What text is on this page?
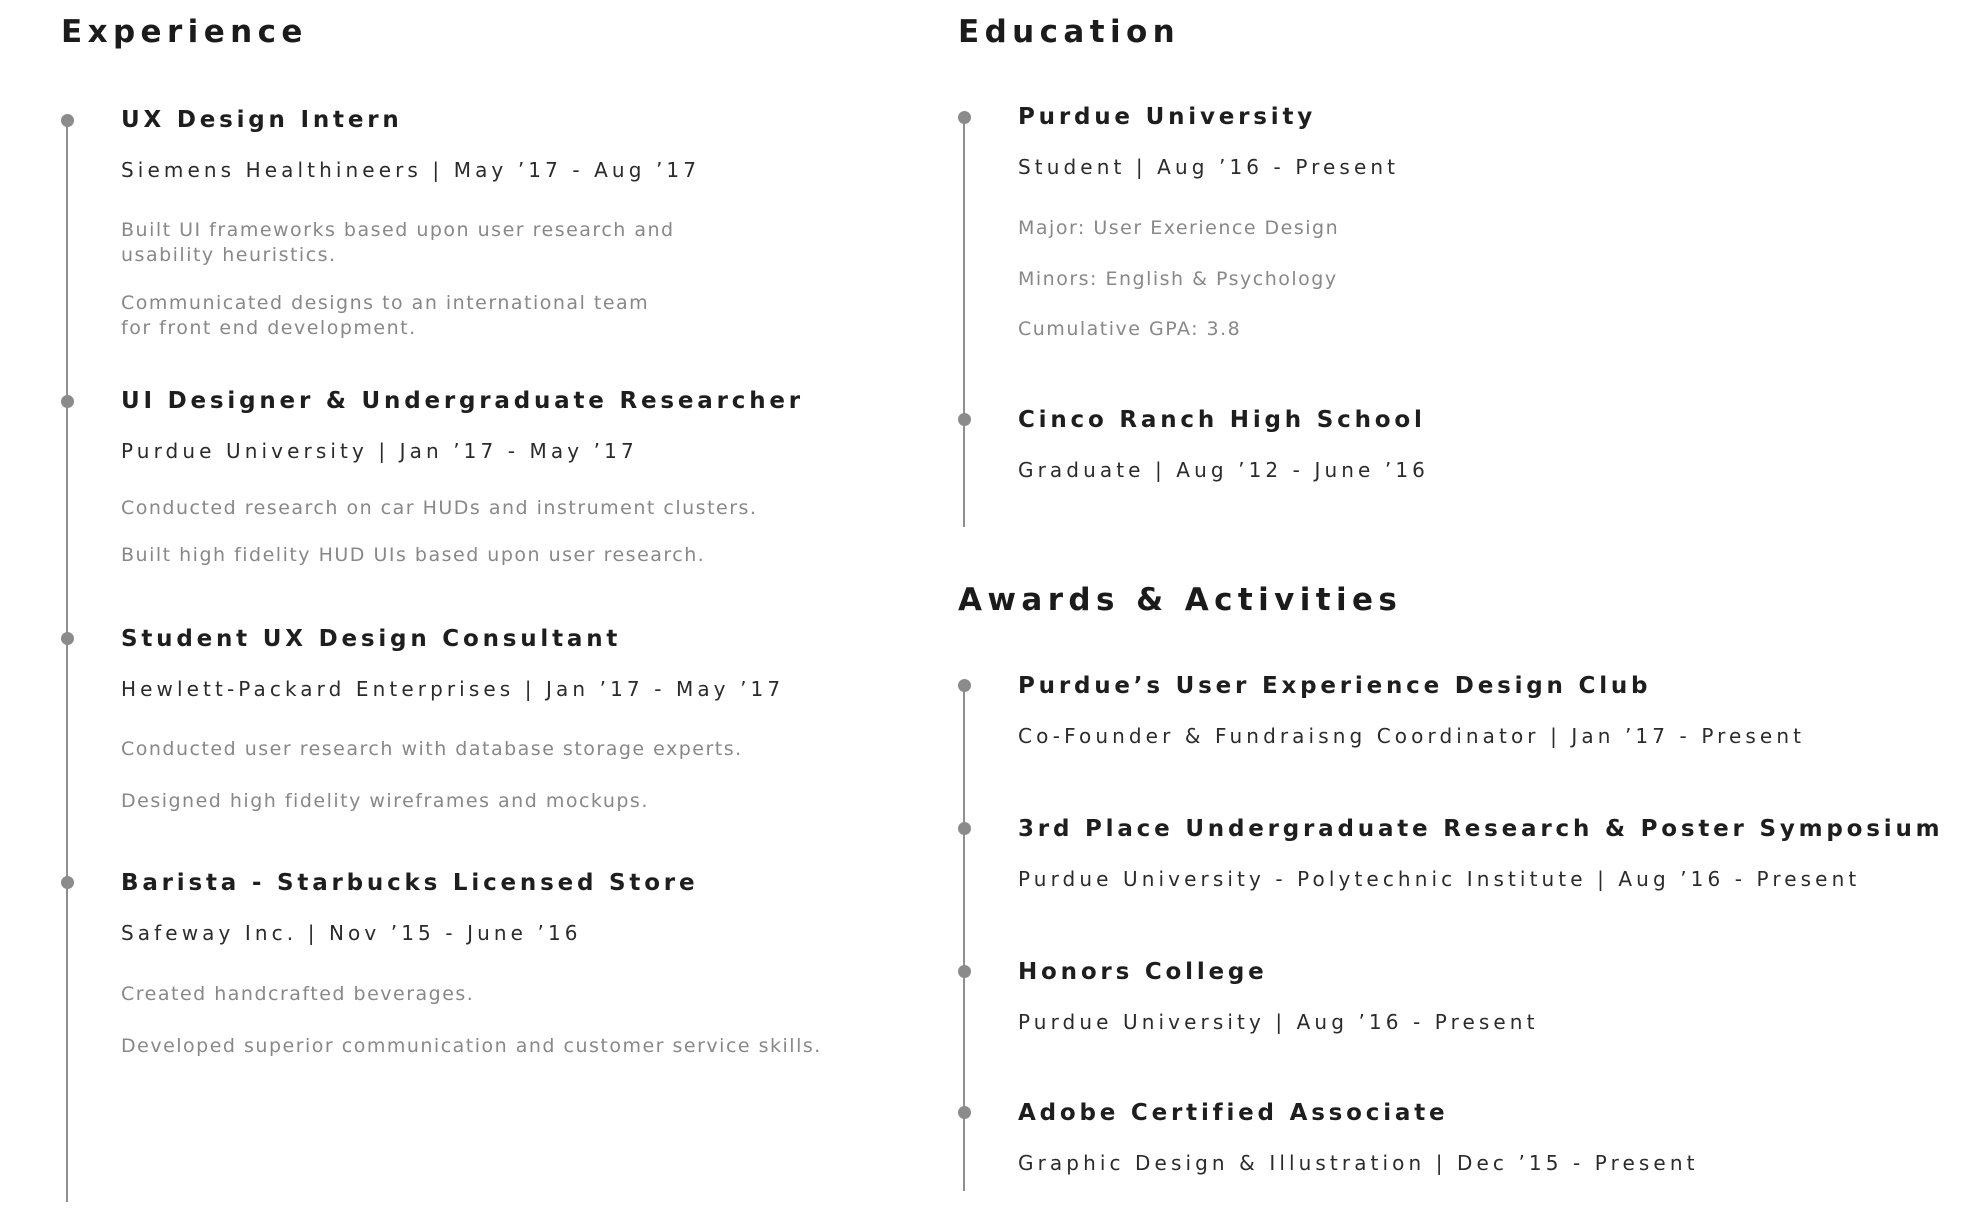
Experience
UX Design Intern

Siemens Healthineers | May ’17 - Aug ’17

Built UI frameworks based upon user research and
usability heuristics.

Communicated designs to an international team
for front end development.

UI Designer & Undergraduate Researcher

Purdue University | Jan ’17 - May ’17

Conducted research on car HUDs and instrument clusters.

Built high fidelity HUD UIs based upon user research.

Student UX Design Consultant

Hewlett-Packard Enterprises | Jan ’17 - May ’17

Conducted user research with database storage experts.

Designed high fidelity wireframes and mockups.

Barista - Starbucks Licensed Store

Safeway Inc. | Nov ’15 - June ’16

Created handcrafted beverages.

Developed superior communication and customer service skills.

Education
Purdue University

Student | Aug ’16 - Present

Major: User Exerience Design

Minors: English & Psychology

Cumulative GPA: 3.8

Cinco Ranch High School

Graduate | Aug ’12 - June ’16

Awards & Activities
Purdue’s User Experience Design Club

Co-Founder & Fundraisng Coordinator | Jan ’17 - Present

3rd Place Undergraduate Research & Poster Symposium

Purdue University - Polytechnic Institute | Aug ’16 - Present

Honors College

Purdue University | Aug ’16 - Present

Adobe Certified Associate

Graphic Design & Illustration | Dec ’15 - Present
